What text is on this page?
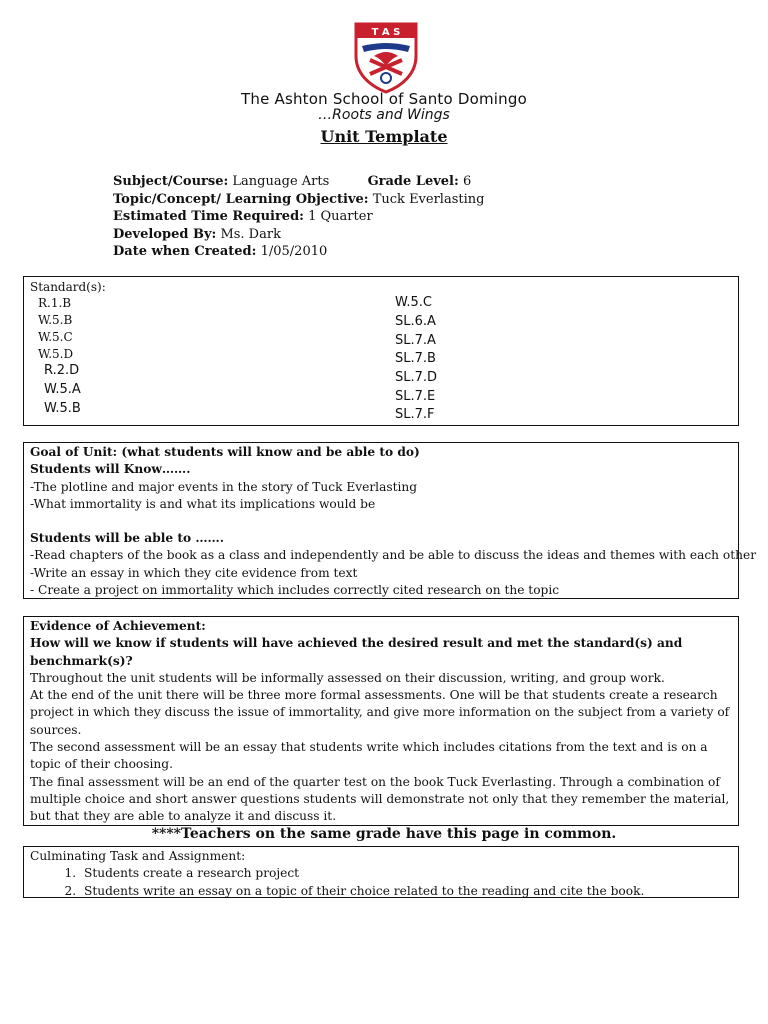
T A S
The Ashton School of Santo Domingo
…Roots and Wings
Unit Template
Subject/Course: Language Arts	Grade Level: 6
Topic/Concept/ Learning Objective: Tuck Everlasting
Estimated Time Required: 1 Quarter
Developed By: Ms. Dark
Date when Created: 1/05/2010
Standard(s):
R.1.B
W.5.B
W.5.C
W.5.D
R.2.D
W.5.A
W.5.B
W.5.C
SL.6.A
SL.7.A
SL.7.B
SL.7.D
SL.7.E
SL.7.F
Goal of Unit: (what students will know and be able to do)
Students will Know…….
-The plotline and major events in the story of Tuck Everlasting
-What immortality is and what its implications would be
Students will be able to …….
-Read chapters of the book as a class and independently and be able to discuss the ideas and themes with each other
-Write an essay in which they cite evidence from text
- Create a project on immortality which includes correctly cited research on the topic
Evidence of Achievement:
How will we know if students will have achieved the desired result and met the standard(s) and benchmark(s)?
Throughout the unit students will be informally assessed on their discussion, writing, and group work.
At the end of the unit there will be three more formal assessments. One will be that students create a research project in which they discuss the issue of immortality, and give more information on the subject from a variety of sources.
The second assessment will be an essay that students write which includes citations from the text and is on a topic of their choosing.
The final assessment will be an end of the quarter test on the book Tuck Everlasting. Through a combination of multiple choice and short answer questions students will demonstrate not only that they remember the material, but that they are able to analyze it and discuss it.
****Teachers on the same grade have this page in common.
Culminating Task and Assignment:
1. Students create a research project
2. Students write an essay on a topic of their choice related to the reading and cite the book.
